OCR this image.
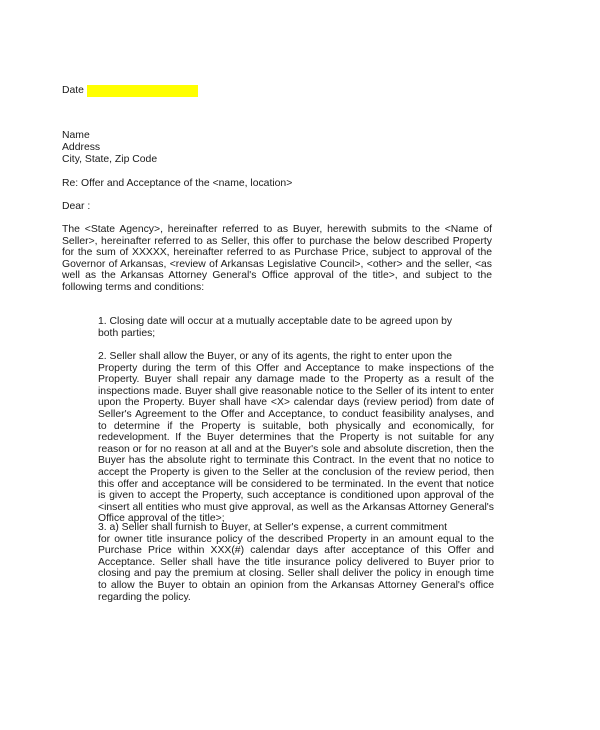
Date
Name
Address
City, State, Zip Code
Re: Offer and Acceptance of the <name, location>
Dear :
The <State Agency>, hereinafter referred to as Buyer, herewith submits to the <Name of Seller>, hereinafter referred to as Seller, this offer to purchase the below described Property for the sum of XXXXX, hereinafter referred to as Purchase Price, subject to approval of the Governor of Arkansas, <review of Arkansas Legislative Council>, <other> and the seller, <as well as the Arkansas Attorney General's Office approval of the title>, and subject to the following terms and conditions:
1. Closing date will occur at a mutually acceptable date to be agreed upon by
both parties;
2. Seller shall allow the Buyer, or any of its agents, the right to enter upon the
Property during the term of this Offer and Acceptance to make inspections of the Property. Buyer shall repair any damage made to the Property as a result of the inspections made. Buyer shall give reasonable notice to the Seller of its intent to enter upon the Property. Buyer shall have <X> calendar days (review period) from date of Seller's Agreement to the Offer and Acceptance, to conduct feasibility analyses, and to determine if the Property is suitable, both physically and economically, for redevelopment. If the Buyer determines that the Property is not suitable for any reason or for no reason at all and at the Buyer's sole and absolute discretion, then the Buyer has the absolute right to terminate this Contract. In the event that no notice to accept the Property is given to the Seller at the conclusion of the review period, then this offer and acceptance will be considered to be terminated. In the event that notice is given to accept the Property, such acceptance is conditioned upon approval of the <insert all entities who must give approval, as well as the Arkansas Attorney General's Office approval of the title>;
3. a) Seller shall furnish to Buyer, at Seller's expense, a current commitment
for owner title insurance policy of the described Property in an amount equal to the Purchase Price within XXX(#) calendar days after acceptance of this Offer and Acceptance. Seller shall have the title insurance policy delivered to Buyer prior to closing and pay the premium at closing. Seller shall deliver the policy in enough time to allow the Buyer to obtain an opinion from the Arkansas Attorney General's office regarding the policy.
